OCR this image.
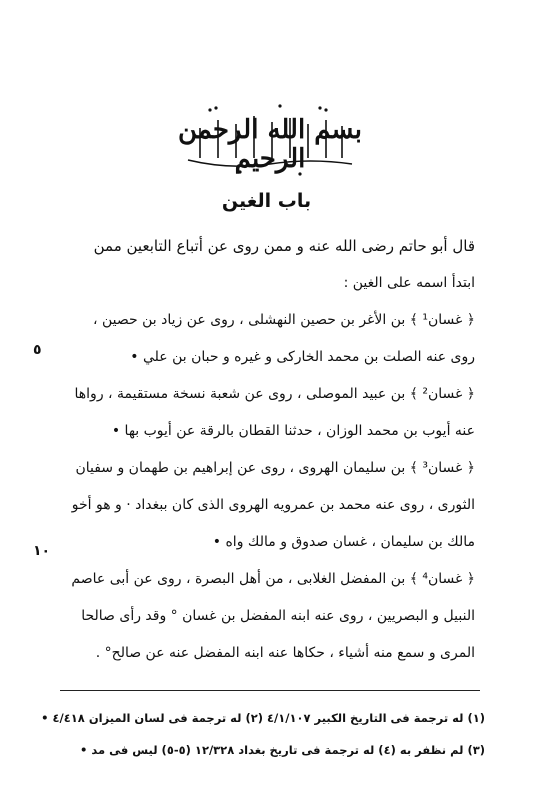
بسم الله الرحمن الرحيم
باب الغين
قال أبو حاتم رضى الله عنه و ممن روى عن أتباع التابعين ممن
ابتدأ اسمه على الغين :
﴿ غسان¹ ﴾ بن الأغر بن حصين النهشلى ، روى عن زياد بن حصين ،
روى عنه الصلت بن محمد الخاركى و غيره و حبان بن علي •
﴿ غسان² ﴾ بن عبيد الموصلى ، روى عن شعبة نسخة مستقيمة ، رواها
عنه أيوب بن محمد الوزان ، حدثنا القطان بالرقة عن أيوب بها •
﴿ غسان³ ﴾ بن سليمان الهروى ، روى عن إبراهيم بن طهمان و سفيان
الثورى ، روى عنه محمد بن عمرويه الهروى الذى كان ببغداد · و هو أخو
مالك بن سليمان ، غسان صدوق و مالك واه •
﴿ غسان⁴ ﴾ بن المفضل الغلابى ، من أهل البصرة ، روى عن أبى عاصم
النبيل و البصريين ، روى عنه ابنه المفضل بن غسان ° وقد رأى صالحا
المرى و سمع منه أشياء ، حكاها عنه ابنه المفضل عنه عن صالح° .
٥
١٠
(١) له ترجمة فى التاريخ الكبير ٤/١/١٠٧ (٢) له ترجمة فى لسان الميزان ٤/٤١٨ •
(٣) لم نظفر به (٤) له ترجمة فى تاريخ بغداد ١٢/٣٢٨ (٥-٥) ليس فى مد •
